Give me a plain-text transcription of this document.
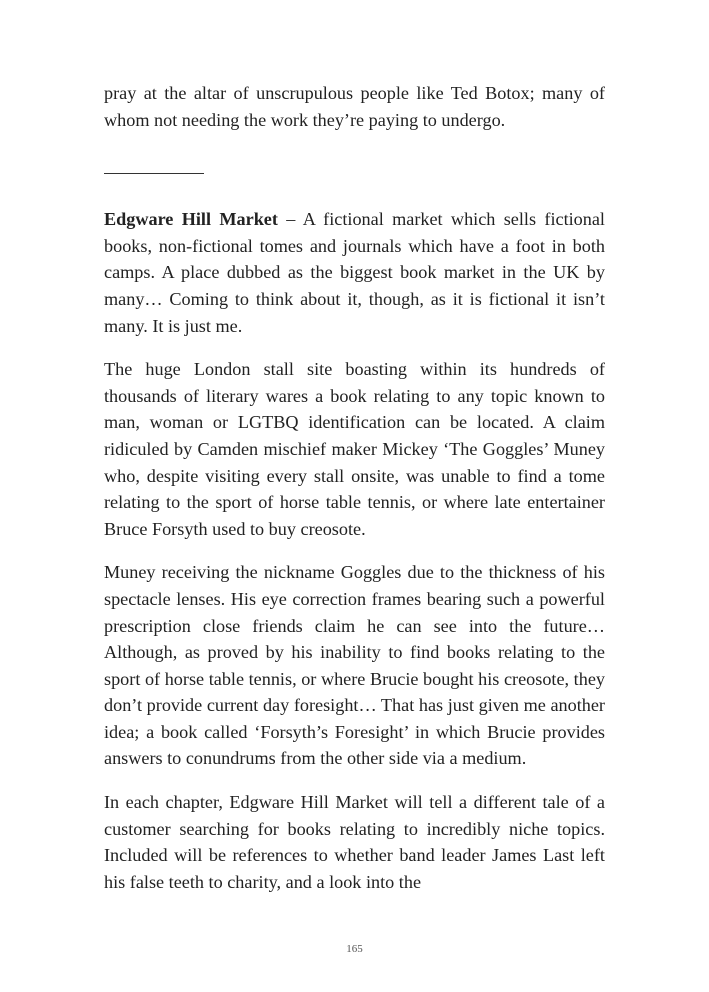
pray at the altar of unscrupulous people like Ted Botox; many of whom not needing the work they’re paying to undergo.

Edgware Hill Market – A fictional market which sells fictional books, non-fictional tomes and journals which have a foot in both camps. A place dubbed as the biggest book market in the UK by many… Coming to think about it, though, as it is fictional it isn’t many. It is just me.

The huge London stall site boasting within its hundreds of thousands of literary wares a book relating to any topic known to man, woman or LGTBQ identification can be located. A claim ridiculed by Camden mischief maker Mickey ‘The Goggles’ Muney who, despite visiting every stall onsite, was unable to find a tome relating to the sport of horse table tennis, or where late entertainer Bruce Forsyth used to buy creosote.

Muney receiving the nickname Goggles due to the thickness of his spectacle lenses. His eye correction frames bearing such a powerful prescription close friends claim he can see into the future… Although, as proved by his inability to find books relating to the sport of horse table tennis, or where Brucie bought his creosote, they don’t provide current day foresight… That has just given me another idea; a book called ‘Forsyth’s Foresight’ in which Brucie provides answers to conundrums from the other side via a medium.

In each chapter, Edgware Hill Market will tell a different tale of a customer searching for books relating to incredibly niche topics. Included will be references to whether band leader James Last left his false teeth to charity, and a look into the

165
